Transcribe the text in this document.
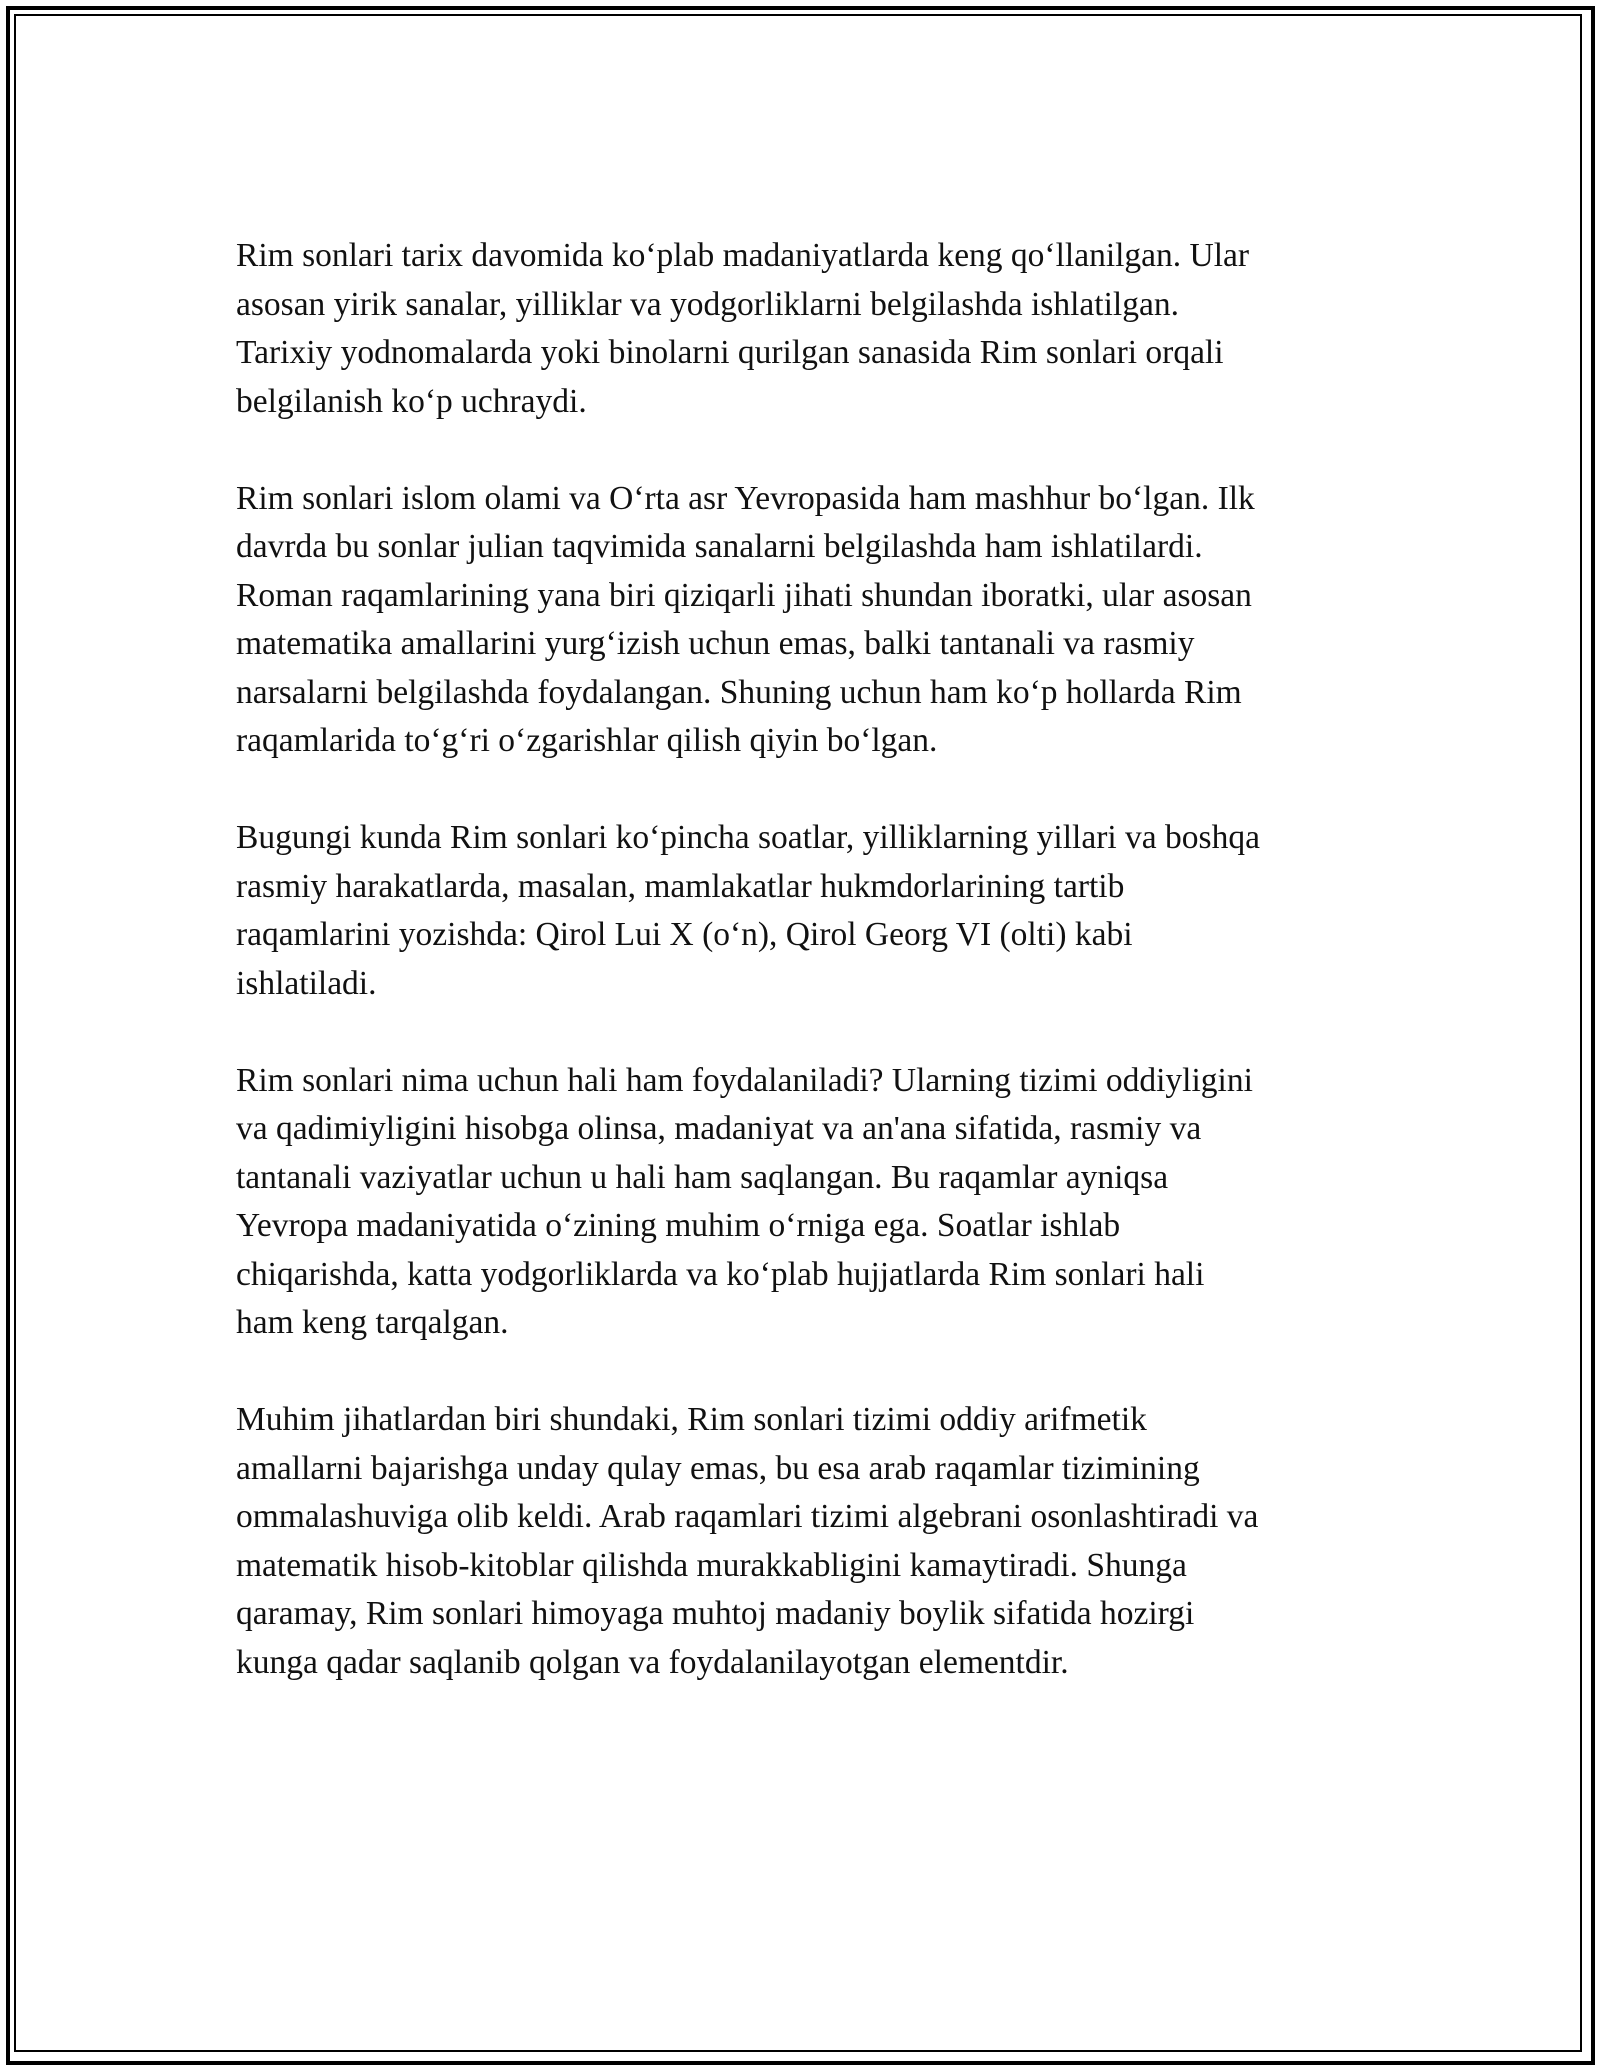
Rim sonlari tarix davomida koʻplab madaniyatlarda keng qoʻllanilgan. Ular
asosan yirik sanalar, yilliklar va yodgorliklarni belgilashda ishlatilgan.
Tarixiy yodnomalarda yoki binolarni qurilgan sanasida Rim sonlari orqali
belgilanish koʻp uchraydi.

Rim sonlari islom olami va Oʻrta asr Yevropasida ham mashhur boʻlgan. Ilk
davrda bu sonlar julian taqvimida sanalarni belgilashda ham ishlatilardi.
Roman raqamlarining yana biri qiziqarli jihati shundan iboratki, ular asosan
matematika amallarini yurgʻizish uchun emas, balki tantanali va rasmiy
narsalarni belgilashda foydalangan. Shuning uchun ham koʻp hollarda Rim
raqamlarida toʻgʻri oʻzgarishlar qilish qiyin boʻlgan.

Bugungi kunda Rim sonlari koʻpincha soatlar, yilliklarning yillari va boshqa
rasmiy harakatlarda, masalan, mamlakatlar hukmdorlarining tartib
raqamlarini yozishda: Qirol Lui X (oʻn), Qirol Georg VI (olti) kabi
ishlatiladi.

Rim sonlari nima uchun hali ham foydalaniladi? Ularning tizimi oddiyligini
va qadimiyligini hisobga olinsa, madaniyat va an'ana sifatida, rasmiy va
tantanali vaziyatlar uchun u hali ham saqlangan. Bu raqamlar ayniqsa
Yevropa madaniyatida oʻzining muhim oʻrniga ega. Soatlar ishlab
chiqarishda, katta yodgorliklarda va koʻplab hujjatlarda Rim sonlari hali
ham keng tarqalgan.

Muhim jihatlardan biri shundaki, Rim sonlari tizimi oddiy arifmetik
amallarni bajarishga unday qulay emas, bu esa arab raqamlar tizimining
ommalashuviga olib keldi. Arab raqamlari tizimi algebrani osonlashtiradi va
matematik hisob-kitoblar qilishda murakkabligini kamaytiradi. Shunga
qaramay, Rim sonlari himoyaga muhtoj madaniy boylik sifatida hozirgi
kunga qadar saqlanib qolgan va foydalanilayotgan elementdir.
